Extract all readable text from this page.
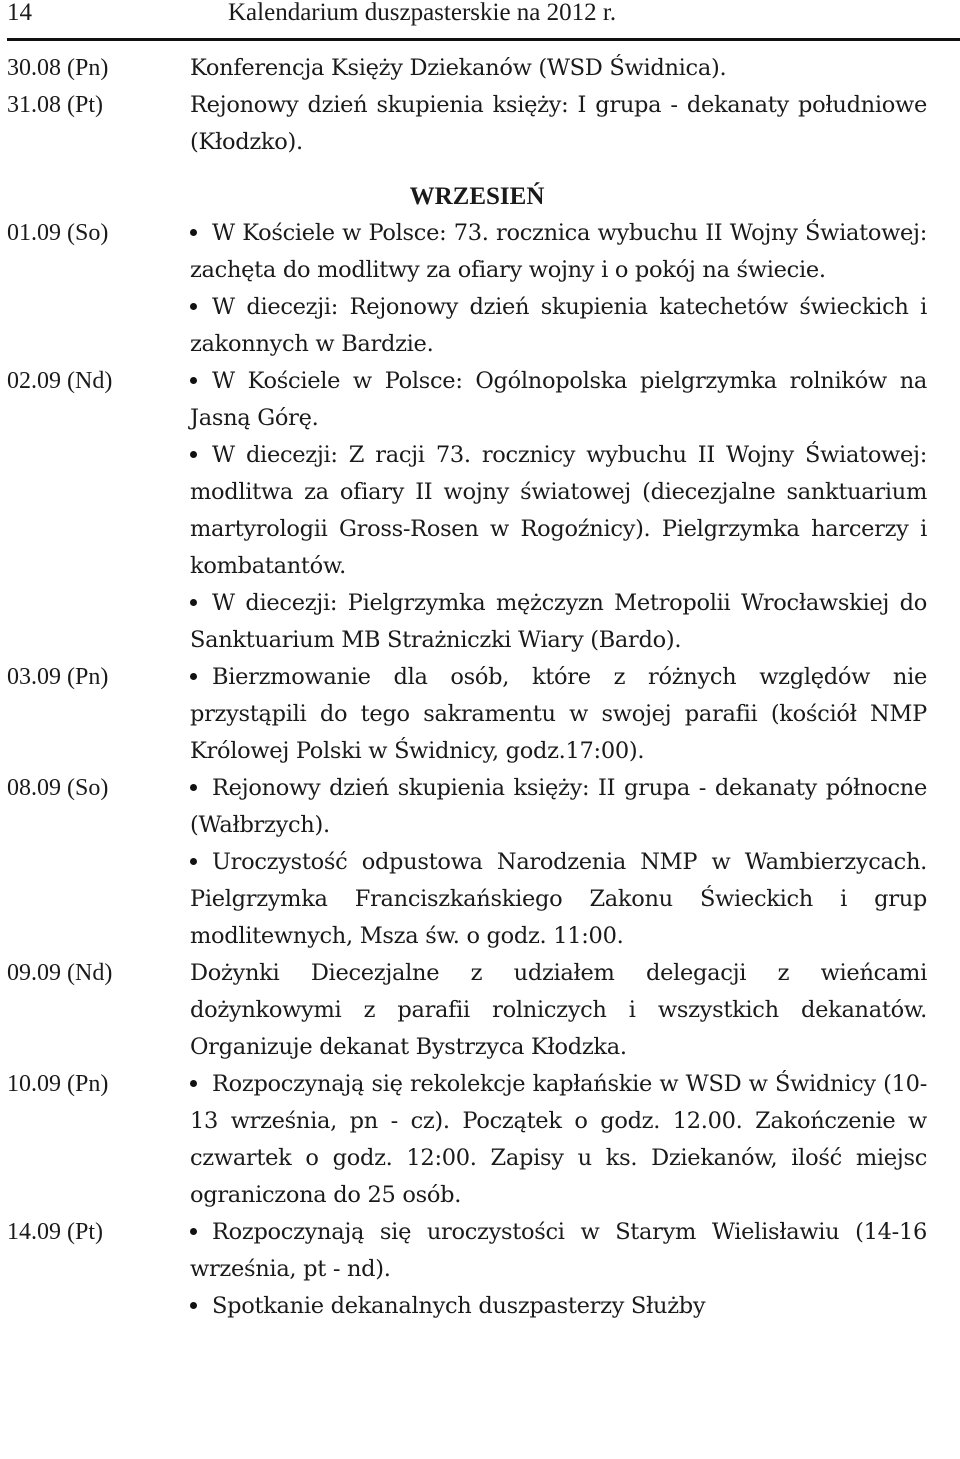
14	Kalendarium duszpasterskie na 2012 r.
30.08 (Pn)	Konferencja Księży Dziekanów (WSD Świdnica).
31.08 (Pt)	Rejonowy dzień skupienia księży: I grupa - dekanaty południowe (Kłodzko).
WRZESIEŃ
01.09 (So)	W Kościele w Polsce: 73. rocznica wybuchu II Wojny Światowej: zachęta do modlitwy za ofiary wojny i o pokój na świecie.
W diecezji: Rejonowy dzień skupienia katechetów świeckich i zakonnych w Bardzie.
02.09 (Nd)	W Kościele w Polsce: Ogólnopolska pielgrzymka rolników na Jasną Górę.
W diecezji: Z racji 73. rocznicy wybuchu II Wojny Światowej: modlitwa za ofiary II wojny światowej (diecezjalne sanktuarium martyrologii Gross-Rosen w Rogoźnicy). Pielgrzymka harcerzy i kombatantów.
W diecezji: Pielgrzymka mężczyzn Metropolii Wrocławskiej do Sanktuarium MB Strażniczki Wiary (Bardo).
03.09 (Pn)	Bierzmowanie dla osób, które z różnych względów nie przystąpili do tego sakramentu w swojej parafii (kościół NMP Królowej Polski w Świdnicy, godz.17:00).
08.09 (So)	Rejonowy dzień skupienia księży: II grupa - dekanaty północne (Wałbrzych).
Uroczystość odpustowa Narodzenia NMP w Wambierzycach. Pielgrzymka Franciszkańskiego Zakonu Świeckich i grup modlitewnych, Msza św. o godz. 11:00.
09.09 (Nd)	Dożynki Diecezjalne z udziałem delegacji z wieńcami dożynkowymi z parafii rolniczych i wszystkich dekanatów. Organizuje dekanat Bystrzyca Kłodzka.
10.09 (Pn)	Rozpoczynają się rekolekcje kapłańskie w WSD w Świdnicy (10-13 września, pn - cz). Początek o godz. 12.00. Zakończenie w czwartek o godz. 12:00. Zapisy u ks. Dziekanów, ilość miejsc ograniczona do 25 osób.
14.09 (Pt)	Rozpoczynają się uroczystości w Starym Wielisławiu (14-16 września, pt - nd).
Spotkanie dekanalnych duszpasterzy Służby
